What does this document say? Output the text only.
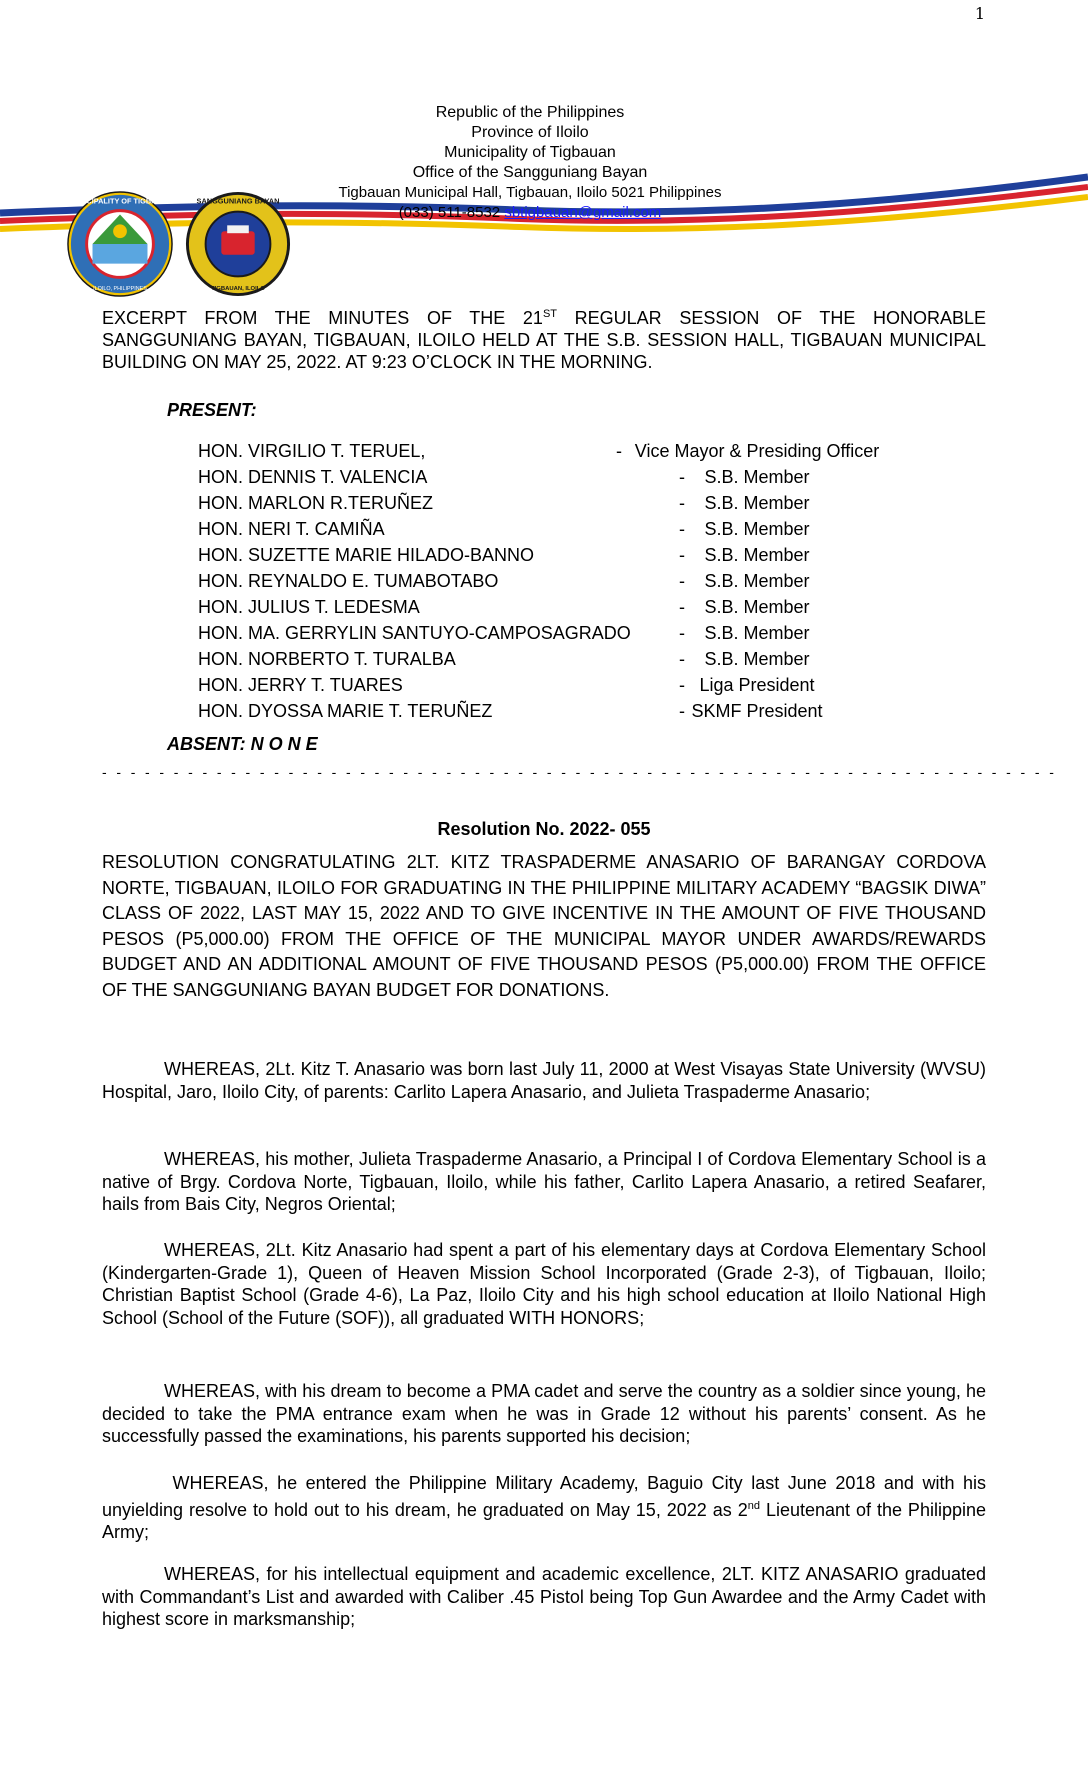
1
MUNICIPALITY OF TIGBAUAN
ILOILO, PHILIPPINES
SANGGUNIANG BAYAN
TIGBAUAN, ILOILO
Republic of the Philippines
Province of Iloilo
Municipality of Tigbauan
Office of the Sangguniang Bayan
Tigbauan Municipal Hall, Tigbauan, Iloilo 5021 Philippines
(033) 511-8532 sbtigbauan@gmail.com
EXCERPT FROM THE MINUTES OF THE 21ST REGULAR SESSION OF THE HONORABLE SANGGUNIANG BAYAN, TIGBAUAN, ILOILO HELD AT THE S.B. SESSION HALL, TIGBAUAN MUNICIPAL BUILDING ON MAY 25, 2022. AT 9:23 O’CLOCK IN THE MORNING.
PRESENT:
HON. VIRGILIO T. TERUEL,	- Vice Mayor & Presiding Officer
HON. DENNIS T. VALENCIA	-	S.B. Member
HON. MARLON R.TERUÑEZ	-	S.B. Member
HON. NERI T. CAMIÑA	-	S.B. Member
HON. SUZETTE MARIE HILADO-BANNO	-	S.B. Member
HON. REYNALDO E. TUMABOTABO	-	S.B. Member
HON. JULIUS T. LEDESMA	-	S.B. Member
HON. MA. GERRYLIN SANTUYO-CAMPOSAGRADO	-	S.B. Member
HON. NORBERTO T. TURALBA	-	S.B. Member
HON. JERRY T. TUARES	- Liga President
HON. DYOSSA MARIE T. TERUÑEZ	- SKMF President
ABSENT: N O N E
- - - - - - - - - - - - - - - - - - - - - - - - - - - - - - - - - - - - - - - - - - - - - - - - - - - - - - - - - - - - - - - - - - -
Resolution No. 2022- 055
RESOLUTION CONGRATULATING 2LT. KITZ TRASPADERME ANASARIO OF BARANGAY CORDOVA NORTE, TIGBAUAN, ILOILO FOR GRADUATING IN THE PHILIPPINE MILITARY ACADEMY “BAGSIK DIWA” CLASS OF 2022, LAST MAY 15, 2022 AND TO GIVE INCENTIVE IN THE AMOUNT OF FIVE THOUSAND PESOS (P5,000.00) FROM THE OFFICE OF THE MUNICIPAL MAYOR UNDER AWARDS/REWARDS BUDGET AND AN ADDITIONAL AMOUNT OF FIVE THOUSAND PESOS (P5,000.00) FROM THE OFFICE OF THE SANGGUNIANG BAYAN BUDGET FOR DONATIONS.
WHEREAS, 2Lt. Kitz T. Anasario was born last July 11, 2000 at West Visayas State University (WVSU) Hospital, Jaro, Iloilo City, of parents: Carlito Lapera Anasario, and Julieta Traspaderme Anasario;
WHEREAS, his mother, Julieta Traspaderme Anasario, a Principal I of Cordova Elementary School is a native of Brgy. Cordova Norte, Tigbauan, Iloilo, while his father, Carlito Lapera Anasario, a retired Seafarer, hails from Bais City, Negros Oriental;
WHEREAS, 2Lt. Kitz Anasario had spent a part of his elementary days at Cordova Elementary School (Kindergarten-Grade 1), Queen of Heaven Mission School Incorporated (Grade 2-3), of Tigbauan, Iloilo; Christian Baptist School (Grade 4-6), La Paz, Iloilo City and his high school education at Iloilo National High School (School of the Future (SOF)), all graduated WITH HONORS;
WHEREAS, with his dream to become a PMA cadet and serve the country as a soldier since young, he decided to take the PMA entrance exam when he was in Grade 12 without his parents’ consent. As he successfully passed the examinations, his parents supported his decision;
WHEREAS, he entered the Philippine Military Academy, Baguio City last June 2018 and with his unyielding resolve to hold out to his dream, he graduated on May 15, 2022 as 2nd Lieutenant of the Philippine Army;
WHEREAS, for his intellectual equipment and academic excellence, 2LT. KITZ ANASARIO graduated with Commandant’s List and awarded with Caliber .45 Pistol being Top Gun Awardee and the Army Cadet with highest score in marksmanship;
